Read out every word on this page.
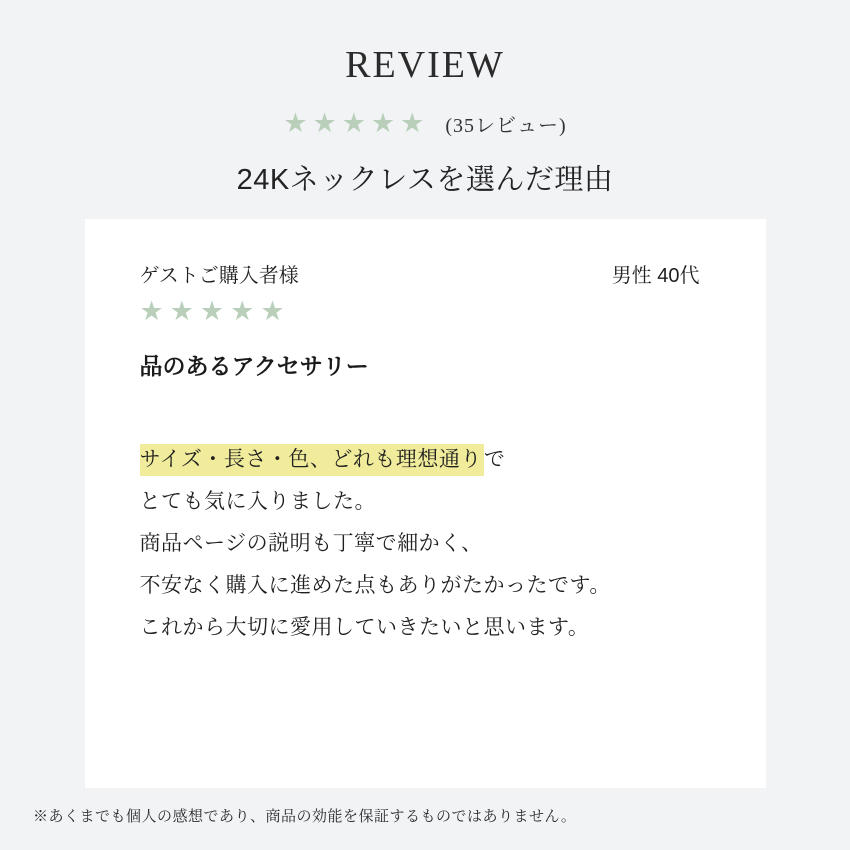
REVIEW
★★★★★ (35レビュー)
24Kネックレスを選んだ理由
ゲストご購入者様	男性 40代
★★★★★
品のあるアクセサリー
サイズ・長さ・色、どれも理想通りで
とても気に入りました。
商品ページの説明も丁寧で細かく、
不安なく購入に進めた点もありがたかったです。
これから大切に愛用していきたいと思います。
※あくまでも個人の感想であり、商品の効能を保証するものではありません。
